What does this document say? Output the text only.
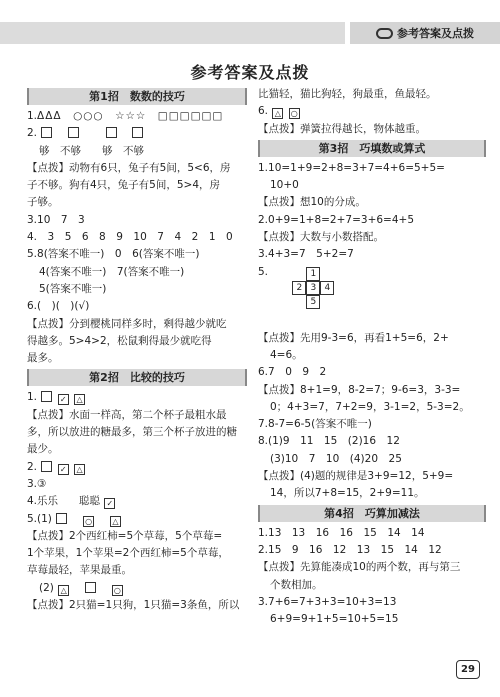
参考答案及点拨
参考答案及点拨
第1招　数数的技巧
1.ΔΔΔ　○○○　☆☆☆　□□□□□□
2. 　 　　 　
够　不够　　够　不够
【点拨】动物有6只，兔子有5间，5<6，房
子不够。狗有4只，兔子有5间，5>4，房
子够。
3.10　7　3
4.　3　5　6　8　9　10　7　4　2　1　0
5.8(答案不唯一)　0　6(答案不唯一)
4(答案不唯一)　7(答案不唯一)
5(答案不唯一)
6.(　)(　)(√)
【点拨】分到樱桃同样多时，剩得越少就吃
得越多。5>4>2，松鼠剩得最少就吃得
最多。
第2招　比较的技巧
1.	✓ △
【点拨】水面一样高，第二个杯子最粗水最
多，所以放进的糖最多，第三个杯子放进的糖
最少。
2.	✓ △
3.③
4.乐乐　　聪聪 ✓
5.(1) 　	○　	△
【点拨】2个西红柿=5个草莓，5个草莓=
1个苹果，1个苹果=2个西红柿=5个草莓，
草莓最轻，苹果最重。
(2) △　 　	○
【点拨】2只猫=1只狗，1只猫=3条鱼，所以
比猫轻，猫比狗轻，狗最重，鱼最轻。
6. △ ○
【点拨】弹簧拉得越长，物体越重。
第3招　巧填数或算式
1.10=1+9=2+8=3+7=4+6=5+5=
10+0
【点拨】想10的分成。
2.0+9=1+8=2+7=3+6=4+5
【点拨】大数与小数搭配。
3.4+3=7　5+2=7
5.	1
2 3 4
5
【点拨】先用9-3=6，再看1+5=6，2+
4=6。
6.7　0　9　2
【点拨】8+1=9，8-2=7；9-6=3，3-3=
0；4+3=7，7+2=9，3-1=2，5-3=2。
7.8-7=6-5(答案不唯一)
8.(1)9　11　15　(2)16　12
(3)10　7　10　(4)20　25
【点拨】(4)题的规律是3+9=12，5+9=
14，所以7+8=15，2+9=11。
第4招　巧算加减法
1.13　13　16　16　15　14　14
2.15　9　16　12　13　15　14　12
【点拨】先算能凑成10的两个数，再与第三
个数相加。
3.7+6=7+3+3=10+3=13
6+9=9+1+5=10+5=15
29
